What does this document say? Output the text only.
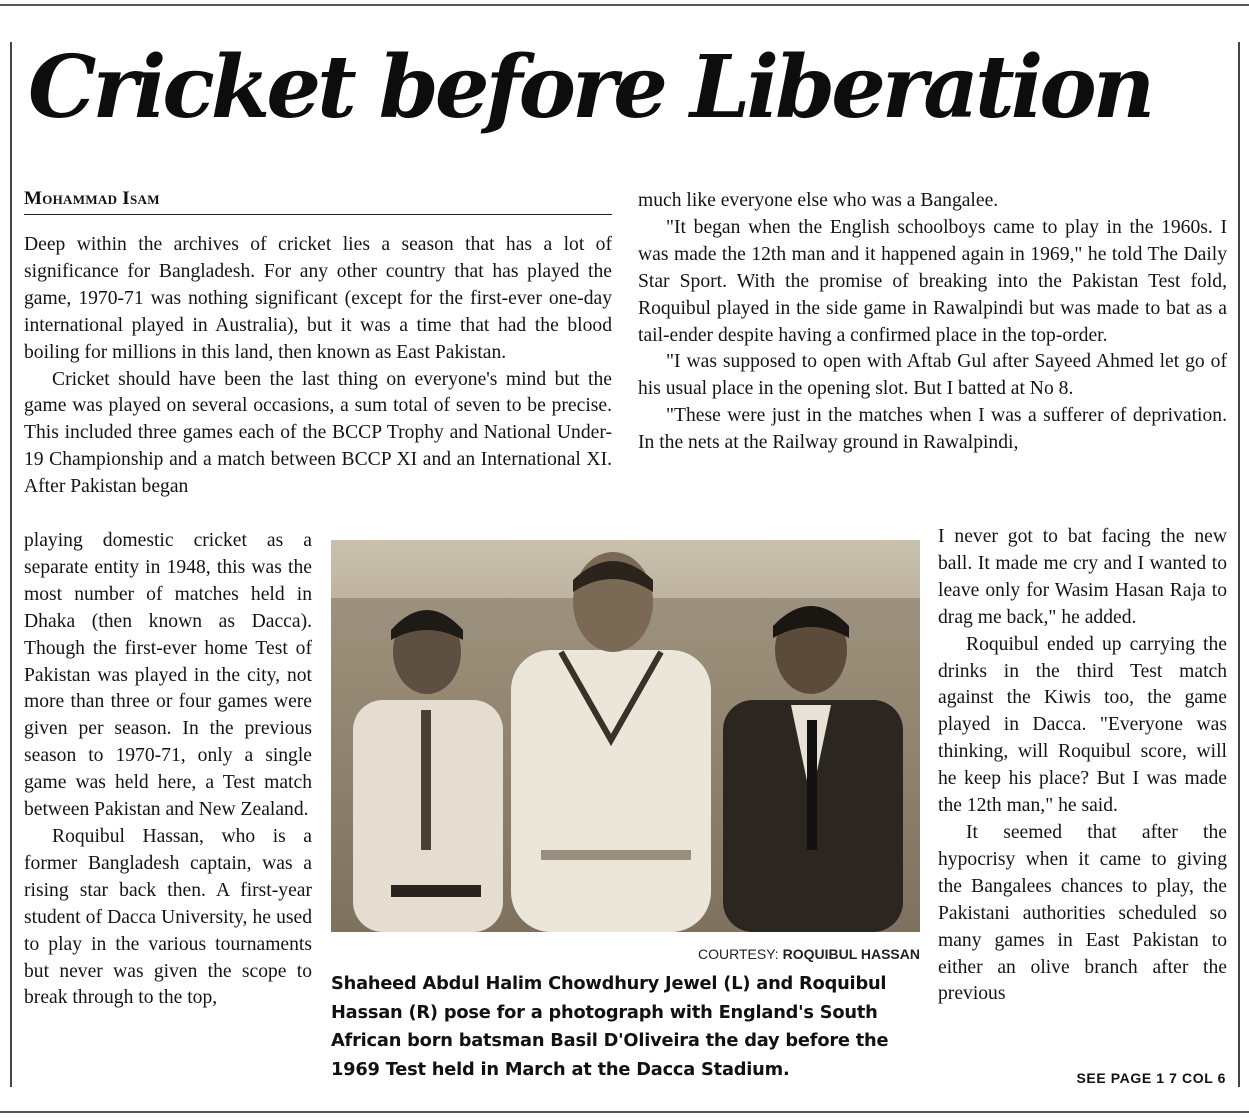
Cricket before Liberation
Mohammad Isam

Deep within the archives of cricket lies a season that has a lot of significance for Bangladesh. For any other country that has played the game, 1970-71 was nothing significant (except for the first-ever one-day international played in Australia), but it was a time that had the blood boiling for millions in this land, then known as East Pakistan.

Cricket should have been the last thing on everyone's mind but the game was played on several occasions, a sum total of seven to be precise. This included three games each of the BCCP Trophy and National Under-19 Championship and a match between BCCP XI and an International XI. After Pakistan began

playing domestic cricket as a separate entity in 1948, this was the most number of matches held in Dhaka (then known as Dacca). Though the first-ever home Test of Pakistan was played in the city, not more than three or four games were given per season. In the previous season to 1970-71, only a single game was held here, a Test match between Pakistan and New Zealand.

Roquibul Hassan, who is a former Bangladesh captain, was a rising star back then. A first-year student of Dacca University, he used to play in the various tournaments but never was given the scope to break through to the top,

much like everyone else who was a Bangalee.

"It began when the English schoolboys came to play in the 1960s. I was made the 12th man and it happened again in 1969," he told The Daily Star Sport. With the promise of breaking into the Pakistan Test fold, Roquibul played in the side game in Rawalpindi but was made to bat as a tail-ender despite having a confirmed place in the top-order.

"I was supposed to open with Aftab Gul after Sayeed Ahmed let go of his usual place in the opening slot. But I batted at No 8.

"These were just in the matches when I was a sufferer of deprivation. In the nets at the Railway ground in Rawalpindi,

I never got to bat facing the new ball. It made me cry and I wanted to leave only for Wasim Hasan Raja to drag me back," he added.

Roquibul ended up carrying the drinks in the third Test match against the Kiwis too, the game played in Dacca. "Everyone was thinking, will Roquibul score, will he keep his place? But I was made the 12th man," he said.

It seemed that after the hypocrisy when it came to giving the Bangalees chances to play, the Pakistani authorities scheduled so many games in East Pakistan to either an olive branch after the previous

COURTESY: ROQUIBUL HASSAN

Shaheed Abdul Halim Chowdhury Jewel (L) and Roquibul Hassan (R) pose for a photograph with England's South African born batsman Basil D'Oliveira the day before the 1969 Test held in March at the Dacca Stadium.	SEE PAGE 1 7 COL 6
